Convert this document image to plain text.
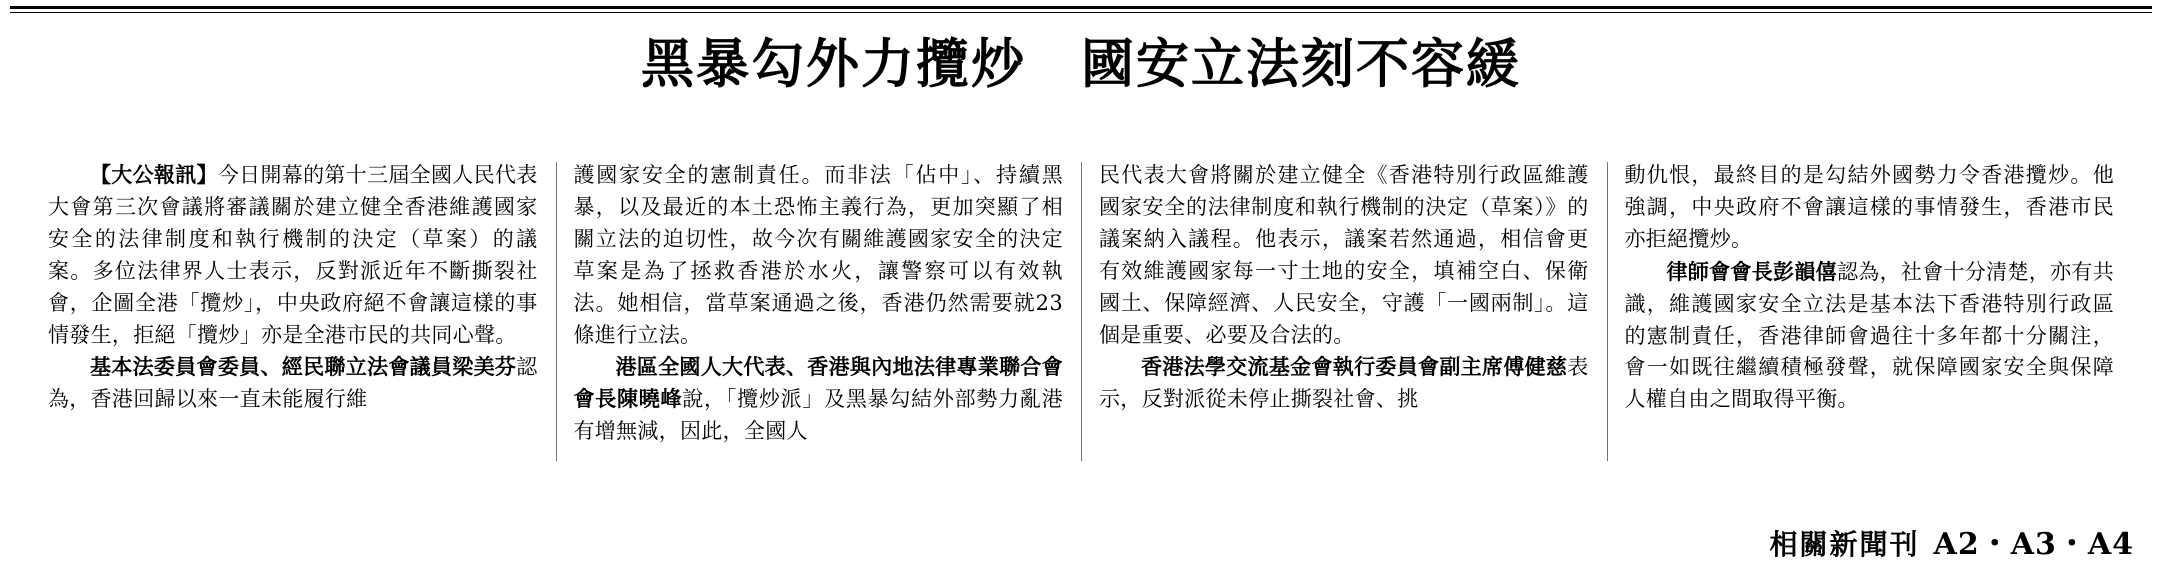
黑暴勾外力攬炒　國安立法刻不容緩

【大公報訊】今日開幕的第十三屆全國人民代表大會第三次會議將審議關於建立健全香港維護國家安全的法律制度和執行機制的決定（草案）的議案。多位法律界人士表示，反對派近年不斷撕裂社會，企圖全港「攬炒」，中央政府絕不會讓這樣的事情發生，拒絕「攬炒」亦是全港市民的共同心聲。

基本法委員會委員、經民聯立法會議員梁美芬認為，香港回歸以來一直未能履行維

護國家安全的憲制責任。而非法「佔中」、持續黑暴，以及最近的本土恐怖主義行為，更加突顯了相關立法的迫切性，故今次有關維護國家安全的決定草案是為了拯救香港於水火，讓警察可以有效執法。她相信，當草案通過之後，香港仍然需要就23條進行立法。

港區全國人大代表、香港與內地法律專業聯合會會長陳曉峰說，「攬炒派」及黑暴勾結外部勢力亂港有增無減，因此，全國人

民代表大會將關於建立健全《香港特別行政區維護國家安全的法律制度和執行機制的決定（草案）》的議案納入議程。他表示，議案若然通過，相信會更有效維護國家每一寸土地的安全，填補空白、保衛國土、保障經濟、人民安全，守護「一國兩制」。這個是重要、必要及合法的。

香港法學交流基金會執行委員會副主席傅健慈表示，反對派從未停止撕裂社會、挑

動仇恨，最終目的是勾結外國勢力令香港攬炒。他強調，中央政府不會讓這樣的事情發生，香港市民亦拒絕攬炒。

律師會會長彭韻僖認為，社會十分清楚，亦有共識，維護國家安全立法是基本法下香港特別行政區的憲制責任，香港律師會過往十多年都十分關注，會一如既往繼續積極發聲，就保障國家安全與保障人權自由之間取得平衡。

相關新聞刊 A2・A3・A4
